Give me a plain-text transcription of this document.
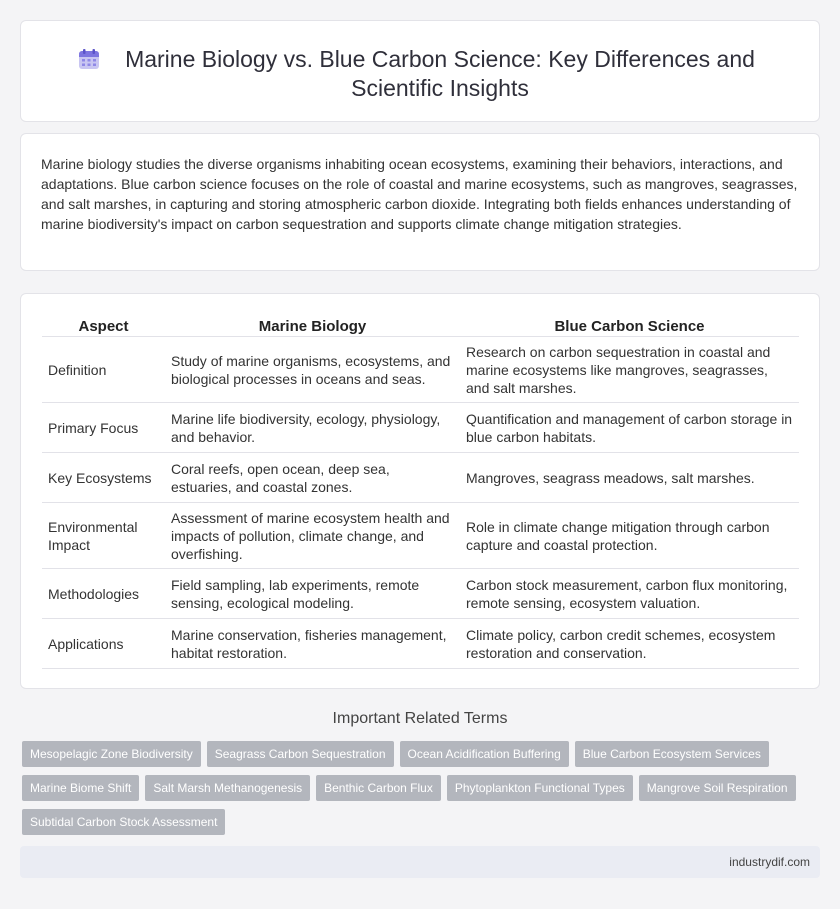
Marine Biology vs. Blue Carbon Science: Key Differences and Scientific Insights

Marine biology studies the diverse organisms inhabiting ocean ecosystems, examining their behaviors, interactions, and adaptations. Blue carbon science focuses on the role of coastal and marine ecosystems, such as mangroves, seagrasses, and salt marshes, in capturing and storing atmospheric carbon dioxide. Integrating both fields enhances understanding of marine biodiversity's impact on carbon sequestration and supports climate change mitigation strategies.

Aspect	Marine Biology	Blue Carbon Science
Definition	Study of marine organisms, ecosystems, and biological processes in oceans and seas.	Research on carbon sequestration in coastal and marine ecosystems like mangroves, seagrasses, and salt marshes.
Primary Focus	Marine life biodiversity, ecology, physiology, and behavior.	Quantification and management of carbon storage in blue carbon habitats.
Key Ecosystems	Coral reefs, open ocean, deep sea, estuaries, and coastal zones.	Mangroves, seagrass meadows, salt marshes.
Environmental Impact	Assessment of marine ecosystem health and impacts of pollution, climate change, and overfishing.	Role in climate change mitigation through carbon capture and coastal protection.
Methodologies	Field sampling, lab experiments, remote sensing, ecological modeling.	Carbon stock measurement, carbon flux monitoring, remote sensing, ecosystem valuation.
Applications	Marine conservation, fisheries management, habitat restoration.	Climate policy, carbon credit schemes, ecosystem restoration and conservation.
Important Related Terms
Mesopelagic Zone Biodiversity	Seagrass Carbon Sequestration	Ocean Acidification Buffering	Blue Carbon Ecosystem Services
Marine Biome Shift	Salt Marsh Methanogenesis	Benthic Carbon Flux	Phytoplankton Functional Types	Mangrove Soil Respiration
Subtidal Carbon Stock Assessment
industrydif.com
